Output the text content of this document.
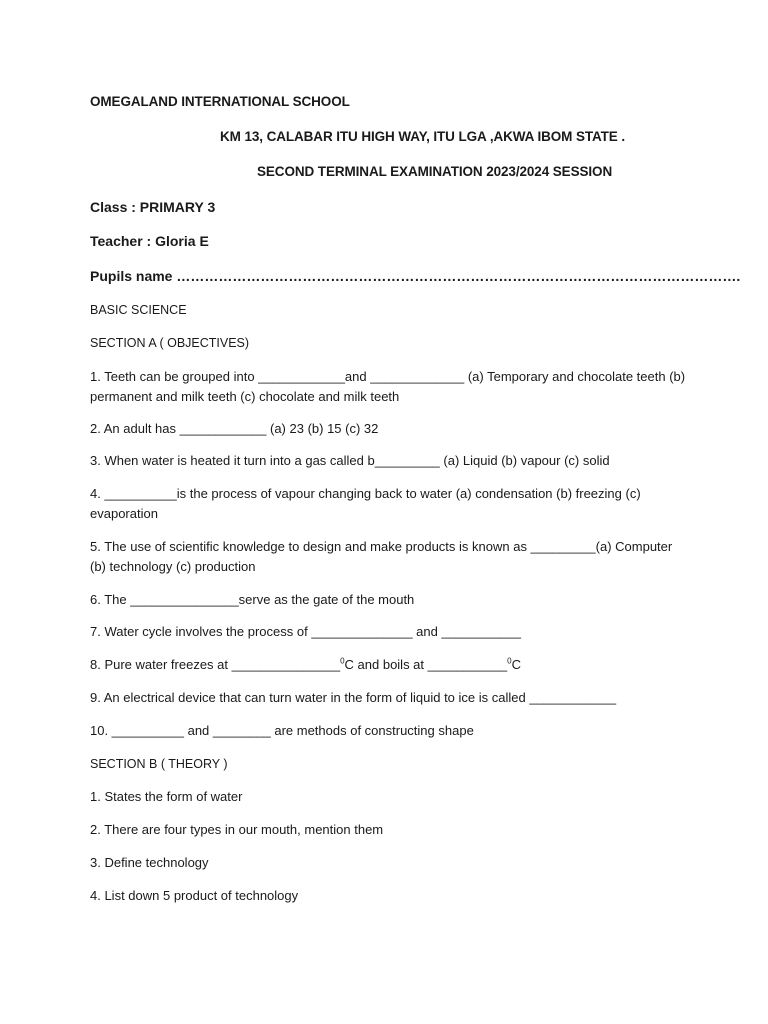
OMEGALAND INTERNATIONAL SCHOOL
KM 13, CALABAR ITU HIGH WAY, ITU LGA ,AKWA IBOM STATE .
SECOND TERMINAL EXAMINATION 2023/2024 SESSION
Class : PRIMARY 3
Teacher : Gloria E
Pupils name ………………………………………………………………………………………………………….
BASIC SCIENCE
SECTION A ( OBJECTIVES)
1. Teeth can be grouped into ____________and _____________ (a) Temporary and chocolate teeth (b) permanent and milk teeth (c) chocolate and milk teeth
2. An adult has ____________ (a) 23 (b) 15 (c) 32
3. When water is heated it turn into a gas called b_________ (a) Liquid (b) vapour (c) solid
4. __________is the process of vapour changing back to water (a) condensation (b) freezing (c) evaporation
5. The use of scientific knowledge to design and make products is known as _________(a) Computer (b) technology (c) production
6. The _______________serve as the gate of the mouth
7. Water cycle involves the process of ______________ and ___________
8. Pure water freezes at _______________$^0$C and boils at ___________$^0$C
9. An electrical device that can turn water in the form of liquid to ice is called ____________
10. __________ and ________ are methods of constructing shape
SECTION B ( THEORY )
1. States the form of water
2. There are four types in our mouth, mention them
3. Define technology
4. List down 5 product of technology
